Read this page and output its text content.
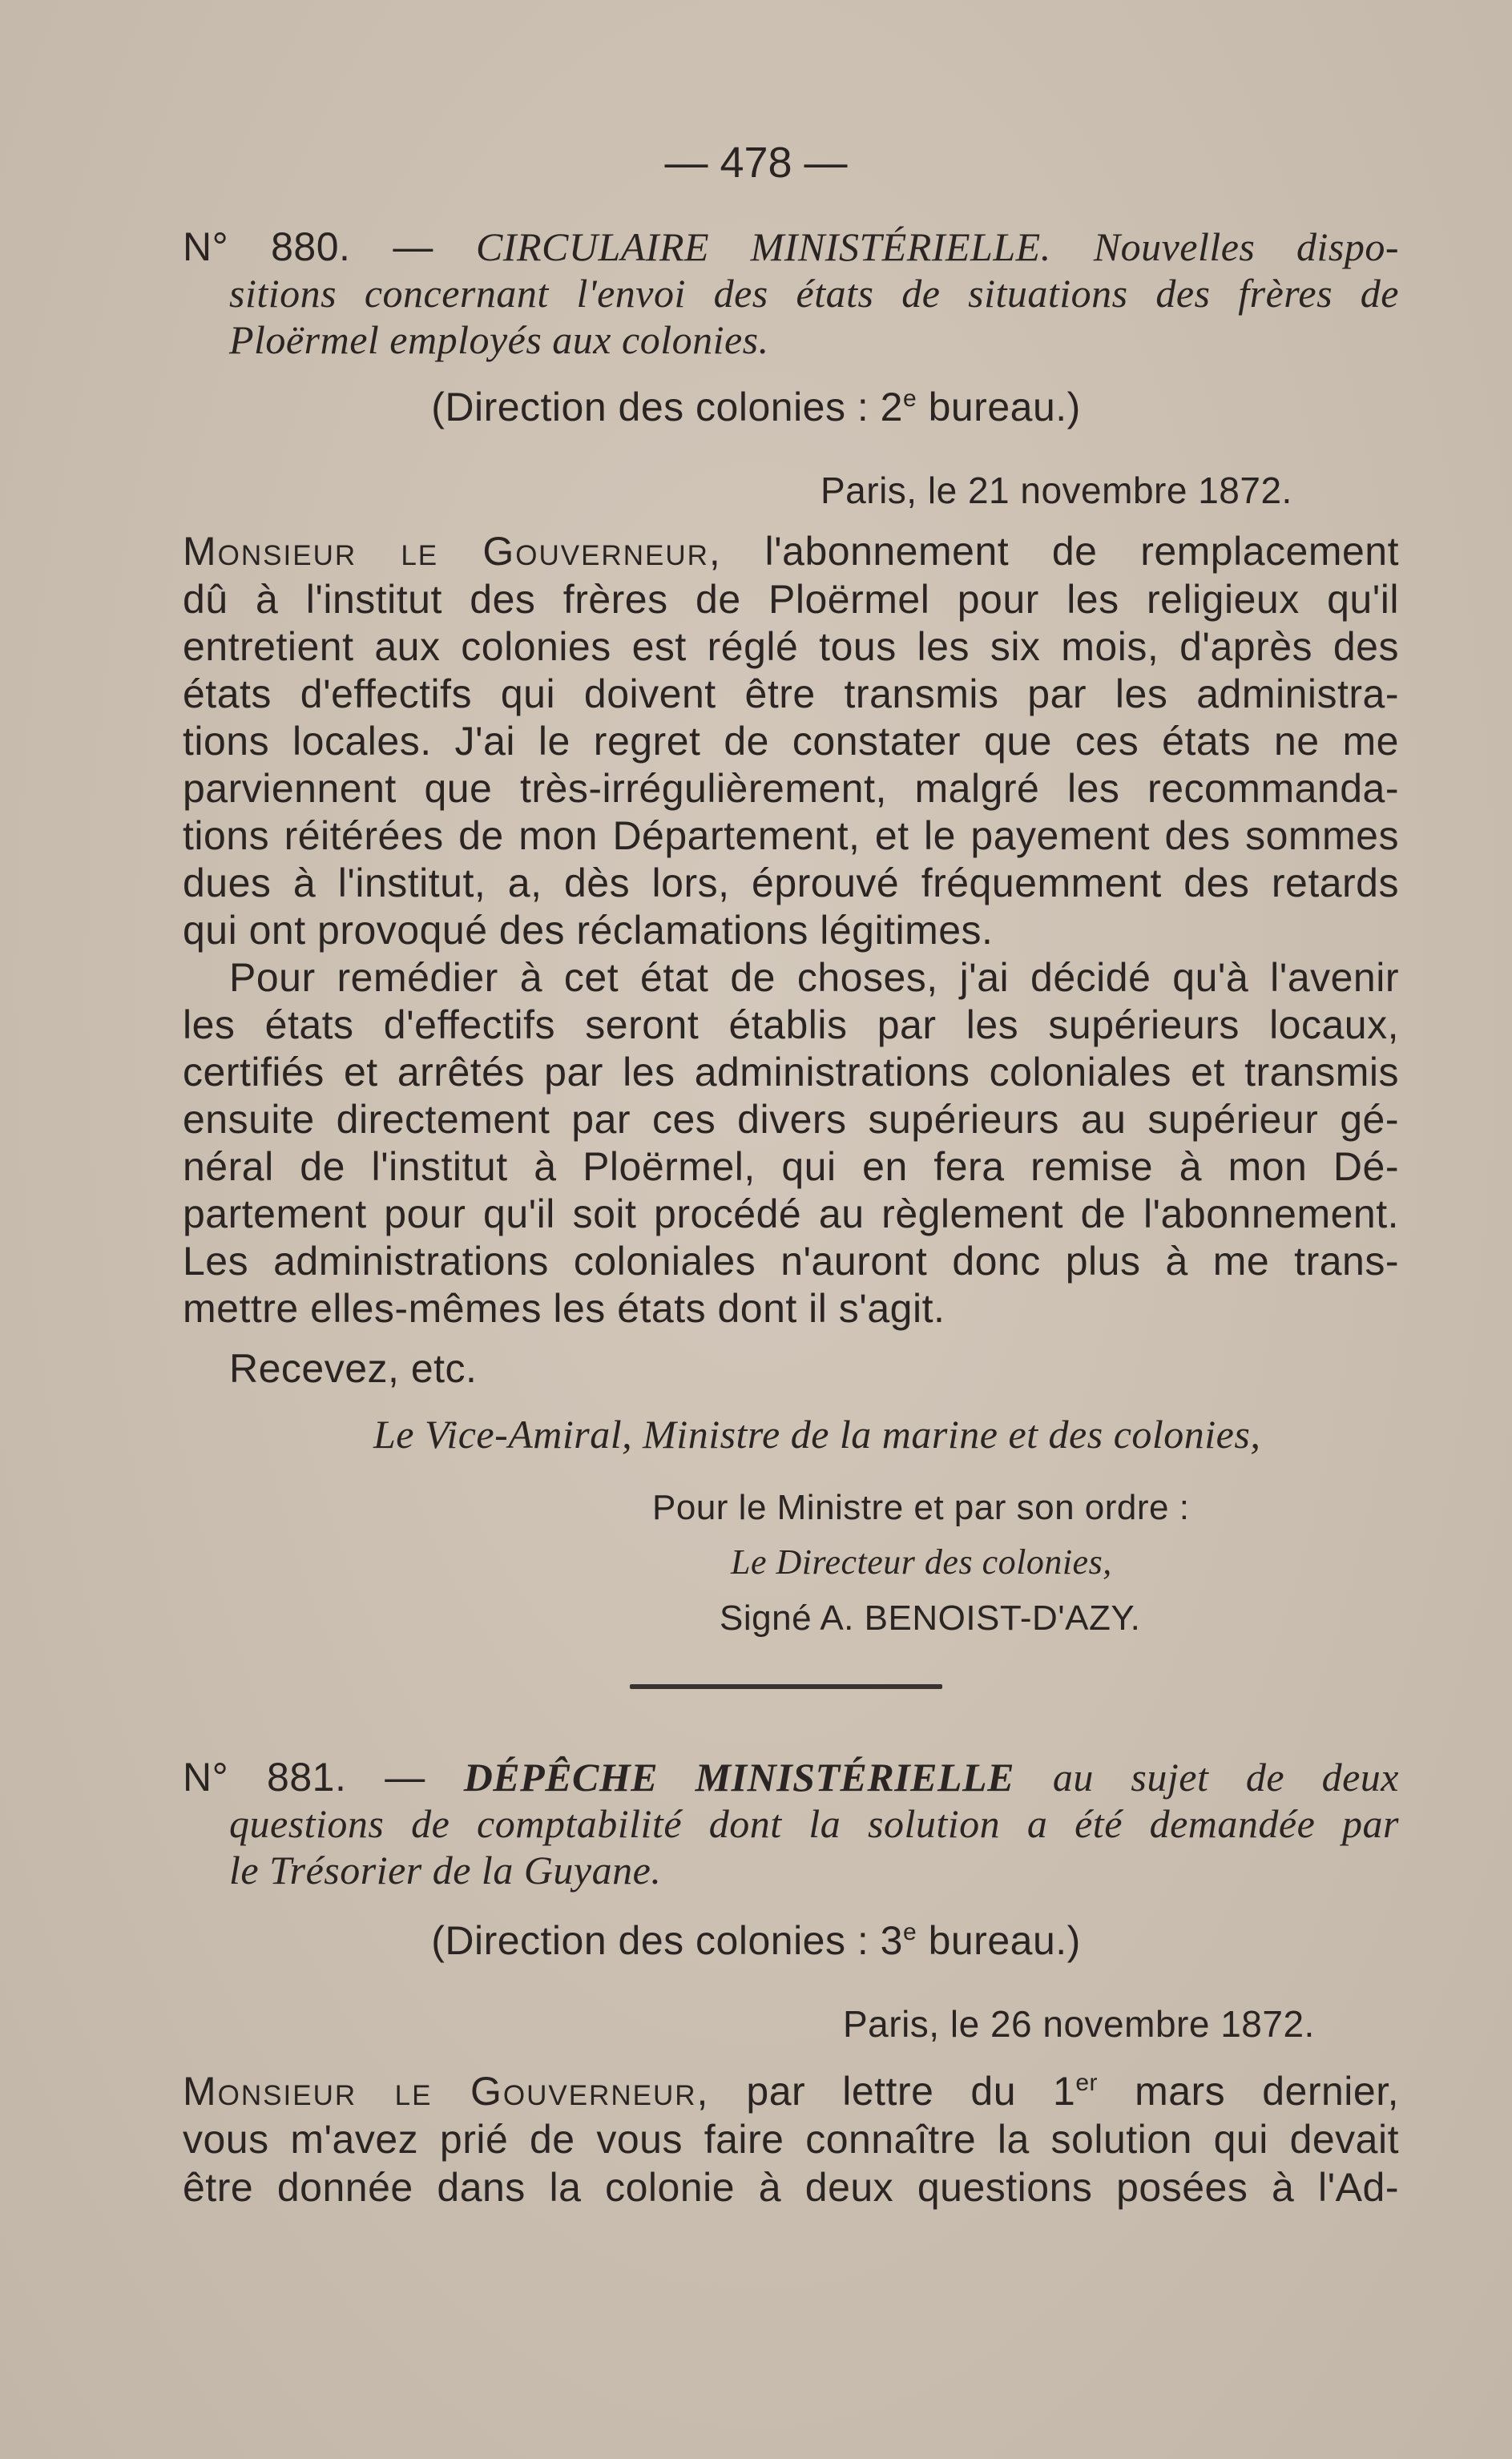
— 478 —
N° 880. — CIRCULAIRE MINISTÉRIELLE. Nouvelles dispo-
sitions concernant l'envoi des états de situations des frères de
Ploërmel employés aux colonies.
(Direction des colonies : 2e bureau.)
Paris, le 21 novembre 1872.
Monsieur le Gouverneur, l'abonnement de remplacement
dû à l'institut des frères de Ploërmel pour les religieux qu'il
entretient aux colonies est réglé tous les six mois, d'après des
états d'effectifs qui doivent être transmis par les administra-
tions locales. J'ai le regret de constater que ces états ne me
parviennent que très-irrégulièrement, malgré les recommanda-
tions réitérées de mon Département, et le payement des sommes
dues à l'institut, a, dès lors, éprouvé fréquemment des retards
qui ont provoqué des réclamations légitimes.
Pour remédier à cet état de choses, j'ai décidé qu'à l'avenir
les états d'effectifs seront établis par les supérieurs locaux,
certifiés et arrêtés par les administrations coloniales et transmis
ensuite directement par ces divers supérieurs au supérieur gé-
néral de l'institut à Ploërmel, qui en fera remise à mon Dé-
partement pour qu'il soit procédé au règlement de l'abonnement.
Les administrations coloniales n'auront donc plus à me trans-
mettre elles-mêmes les états dont il s'agit.
Recevez, etc.
Le Vice-Amiral, Ministre de la marine et des colonies,
Pour le Ministre et par son ordre :
Le Directeur des colonies,
Signé A. BENOIST-D'AZY.
N° 881. — DÉPÊCHE MINISTÉRIELLE au sujet de deux
questions de comptabilité dont la solution a été demandée par
le Trésorier de la Guyane.
(Direction des colonies : 3e bureau.)
Paris, le 26 novembre 1872.
Monsieur le Gouverneur, par lettre du 1er mars dernier,
vous m'avez prié de vous faire connaître la solution qui devait
être donnée dans la colonie à deux questions posées à l'Ad-
